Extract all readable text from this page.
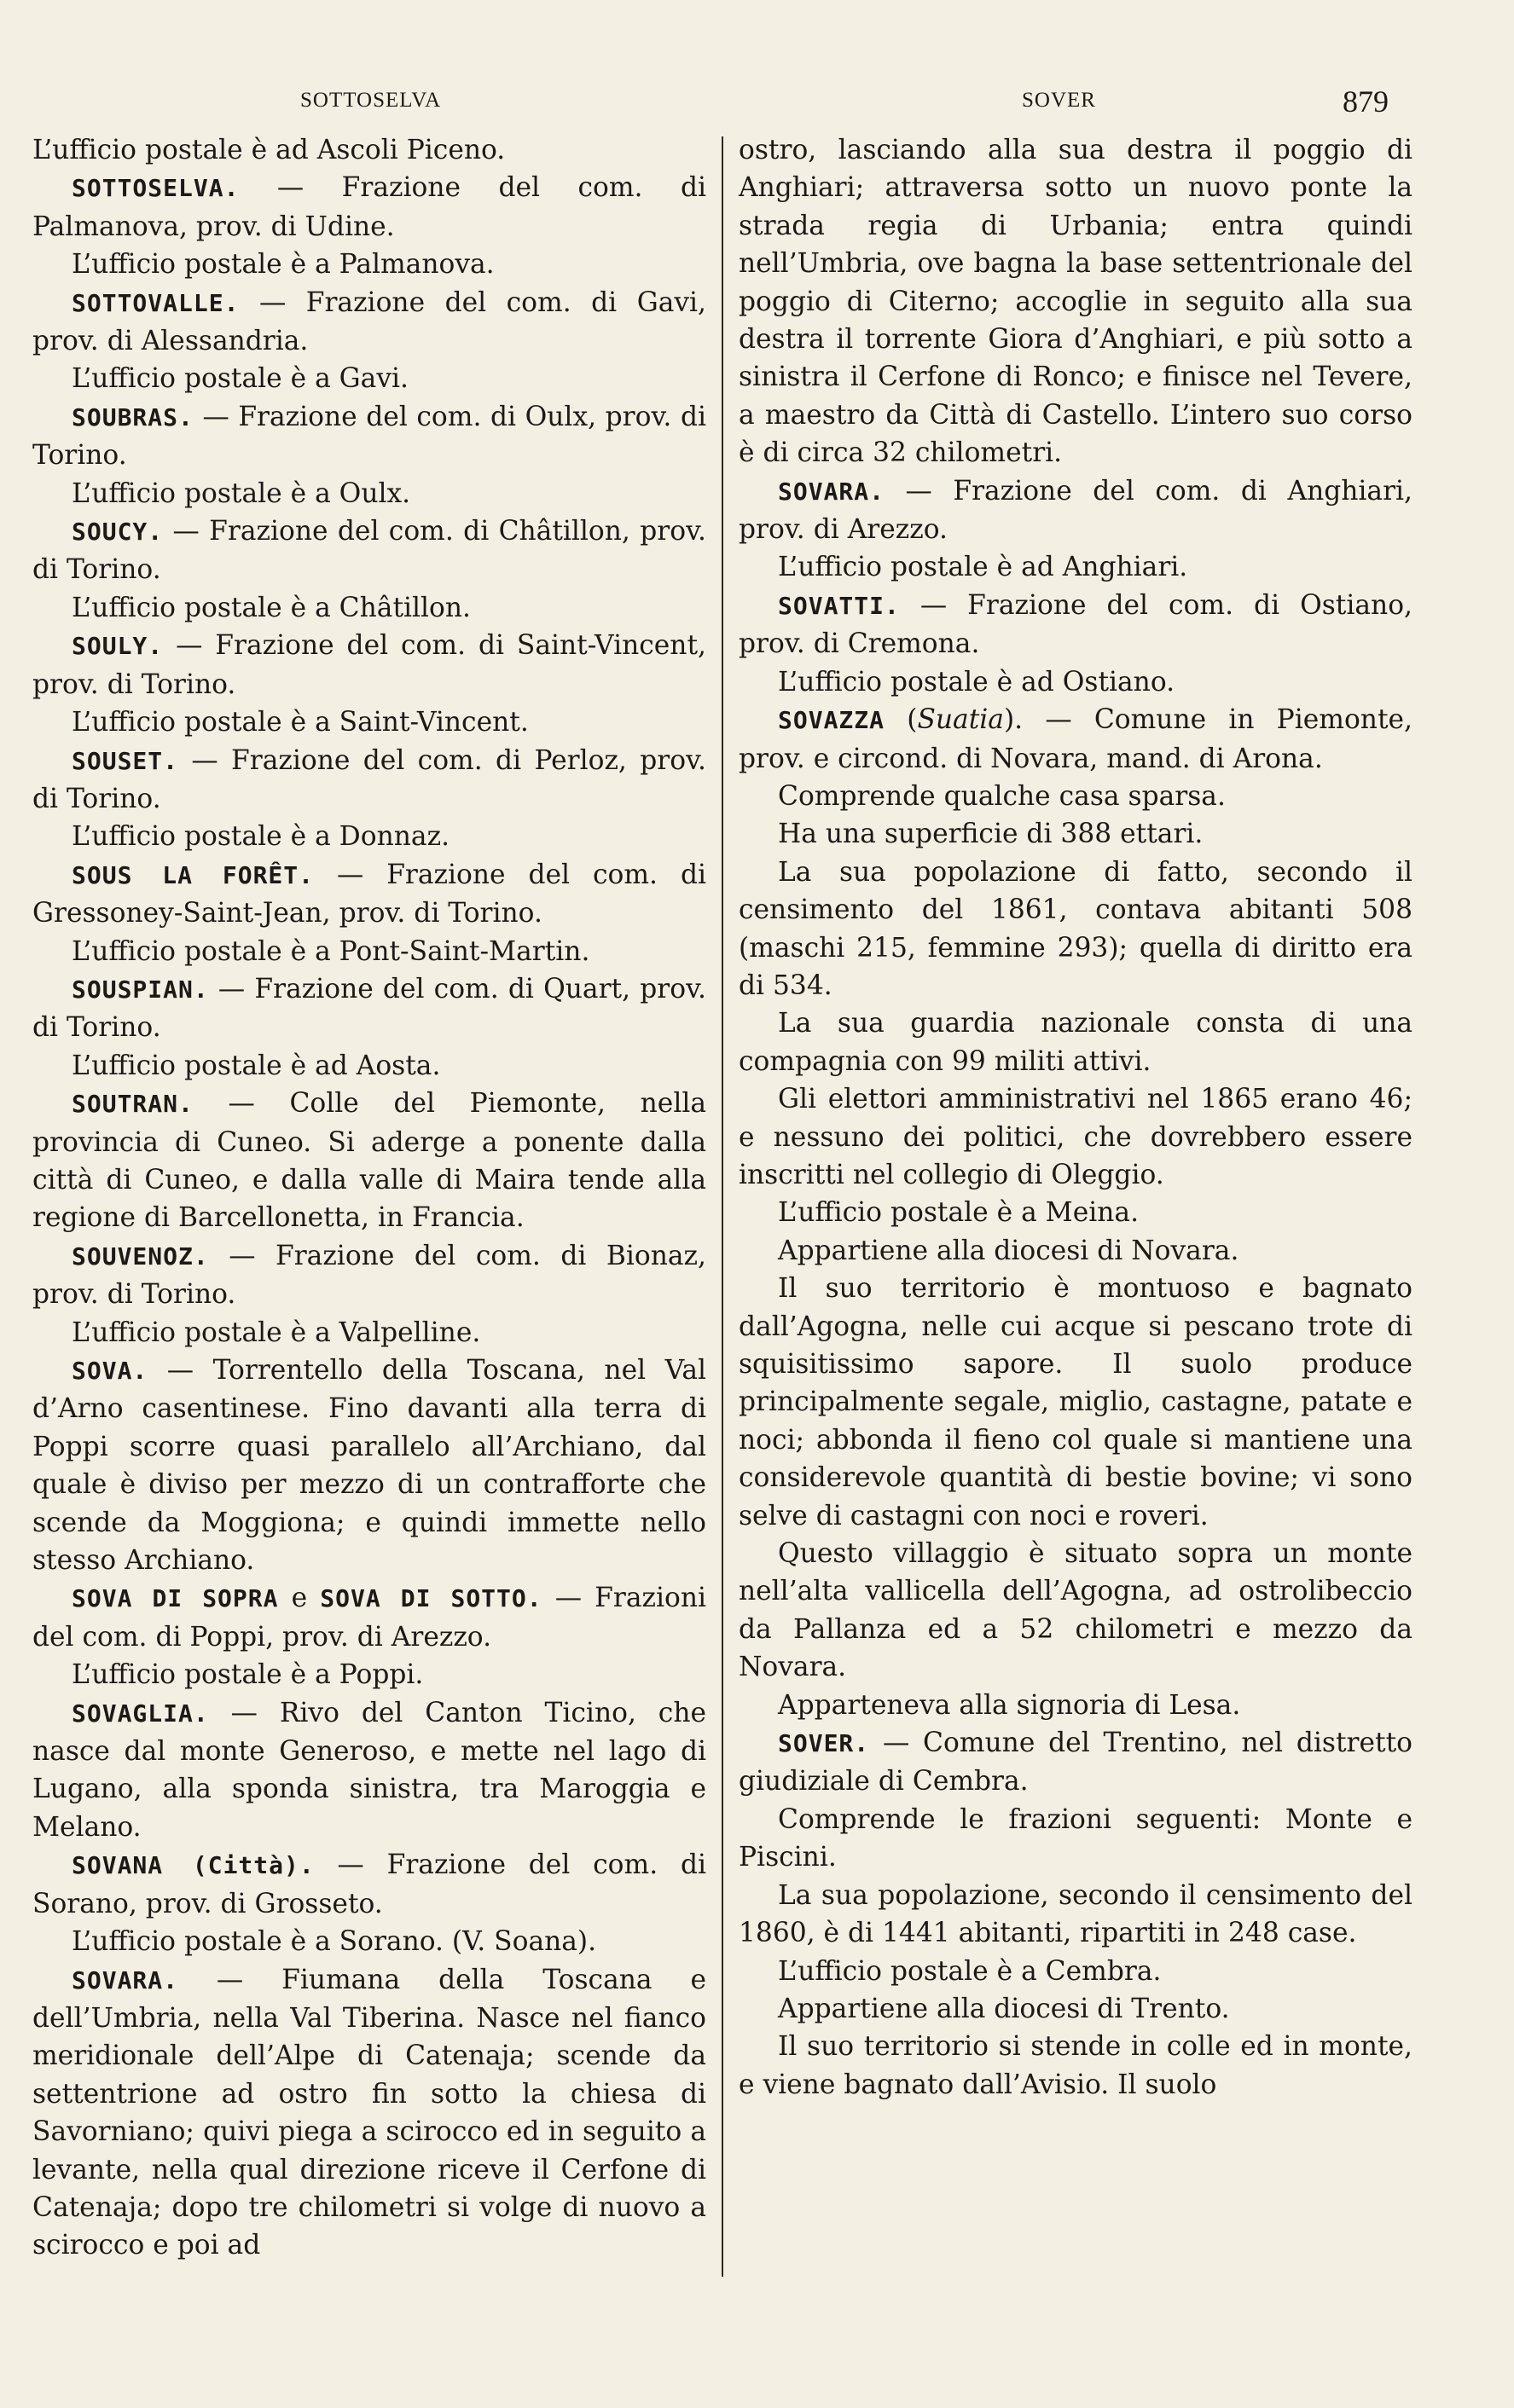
SOTTOSELVA	SOVER	879

L’ufficio postale è ad Ascoli Piceno.

SOTTOSELVA. — Frazione del com. di Palmanova, prov. di Udine.

L’ufficio postale è a Palmanova.

SOTTOVALLE. — Frazione del com. di Gavi, prov. di Alessandria.

L’ufficio postale è a Gavi.

SOUBRAS. — Frazione del com. di Oulx, prov. di Torino.

L’ufficio postale è a Oulx.

SOUCY. — Frazione del com. di Châtillon, prov. di Torino.

L’ufficio postale è a Châtillon.

SOULY. — Frazione del com. di Saint-Vincent, prov. di Torino.

L’ufficio postale è a Saint-Vincent.

SOUSET. — Frazione del com. di Perloz, prov. di Torino.

L’ufficio postale è a Donnaz.

SOUS LA FORÊT. — Frazione del com. di Gressoney-Saint-Jean, prov. di Torino.

L’ufficio postale è a Pont-Saint-Martin.

SOUSPIAN. — Frazione del com. di Quart, prov. di Torino.

L’ufficio postale è ad Aosta.

SOUTRAN. — Colle del Piemonte, nella provincia di Cuneo. Si aderge a ponente dalla città di Cuneo, e dalla valle di Maira tende alla regione di Barcellonetta, in Francia.

SOUVENOZ. — Frazione del com. di Bionaz, prov. di Torino.

L’ufficio postale è a Valpelline.

SOVA. — Torrentello della Toscana, nel Val d’Arno casentinese. Fino davanti alla terra di Poppi scorre quasi parallelo all’Archiano, dal quale è diviso per mezzo di un contrafforte che scende da Moggiona; e quindi immette nello stesso Archiano.

SOVA DI SOPRA e SOVA DI SOTTO. — Frazioni del com. di Poppi, prov. di Arezzo.

L’ufficio postale è a Poppi.

SOVAGLIA. — Rivo del Canton Ticino, che nasce dal monte Generoso, e mette nel lago di Lugano, alla sponda sinistra, tra Maroggia e Melano.

SOVANA (Città). — Frazione del com. di Sorano, prov. di Grosseto.

L’ufficio postale è a Sorano. (V. Soana).

SOVARA. — Fiumana della Toscana e dell’Umbria, nella Val Tiberina. Nasce nel fianco meridionale dell’Alpe di Catenaja; scende da settentrione ad ostro fin sotto la chiesa di Savorniano; quivi piega a scirocco ed in seguito a levante, nella qual direzione riceve il Cerfone di Catenaja; dopo tre chilometri si volge di nuovo a scirocco e poi ad

ostro, lasciando alla sua destra il poggio di Anghiari; attraversa sotto un nuovo ponte la strada regia di Urbania; entra quindi nell’Umbria, ove bagna la base settentrionale del poggio di Citerno; accoglie in seguito alla sua destra il torrente Giora d’Anghiari, e più sotto a sinistra il Cerfone di Ronco; e finisce nel Tevere, a maestro da Città di Castello. L’intero suo corso è di circa 32 chilometri.

SOVARA. — Frazione del com. di Anghiari, prov. di Arezzo.

L’ufficio postale è ad Anghiari.

SOVATTI. — Frazione del com. di Ostiano, prov. di Cremona.

L’ufficio postale è ad Ostiano.

SOVAZZA (Suatia). — Comune in Piemonte, prov. e circond. di Novara, mand. di Arona.

Comprende qualche casa sparsa.

Ha una superficie di 388 ettari.

La sua popolazione di fatto, secondo il censimento del 1861, contava abitanti 508 (maschi 215, femmine 293); quella di diritto era di 534.

La sua guardia nazionale consta di una compagnia con 99 militi attivi.

Gli elettori amministrativi nel 1865 erano 46; e nessuno dei politici, che dovrebbero essere inscritti nel collegio di Oleggio.

L’ufficio postale è a Meina.

Appartiene alla diocesi di Novara.

Il suo territorio è montuoso e bagnato dall’Agogna, nelle cui acque si pescano trote di squisitissimo sapore. Il suolo produce principalmente segale, miglio, castagne, patate e noci; abbonda il fieno col quale si mantiene una considerevole quantità di bestie bovine; vi sono selve di castagni con noci e roveri.

Questo villaggio è situato sopra un monte nell’alta vallicella dell’Agogna, ad ostrolibeccio da Pallanza ed a 52 chilometri e mezzo da Novara.

Apparteneva alla signoria di Lesa.

SOVER. — Comune del Trentino, nel distretto giudiziale di Cembra.

Comprende le frazioni seguenti: Monte e Piscini.

La sua popolazione, secondo il censimento del 1860, è di 1441 abitanti, ripartiti in 248 case.

L’ufficio postale è a Cembra.

Appartiene alla diocesi di Trento.

Il suo territorio si stende in colle ed in monte, e viene bagnato dall’Avisio. Il suolo
